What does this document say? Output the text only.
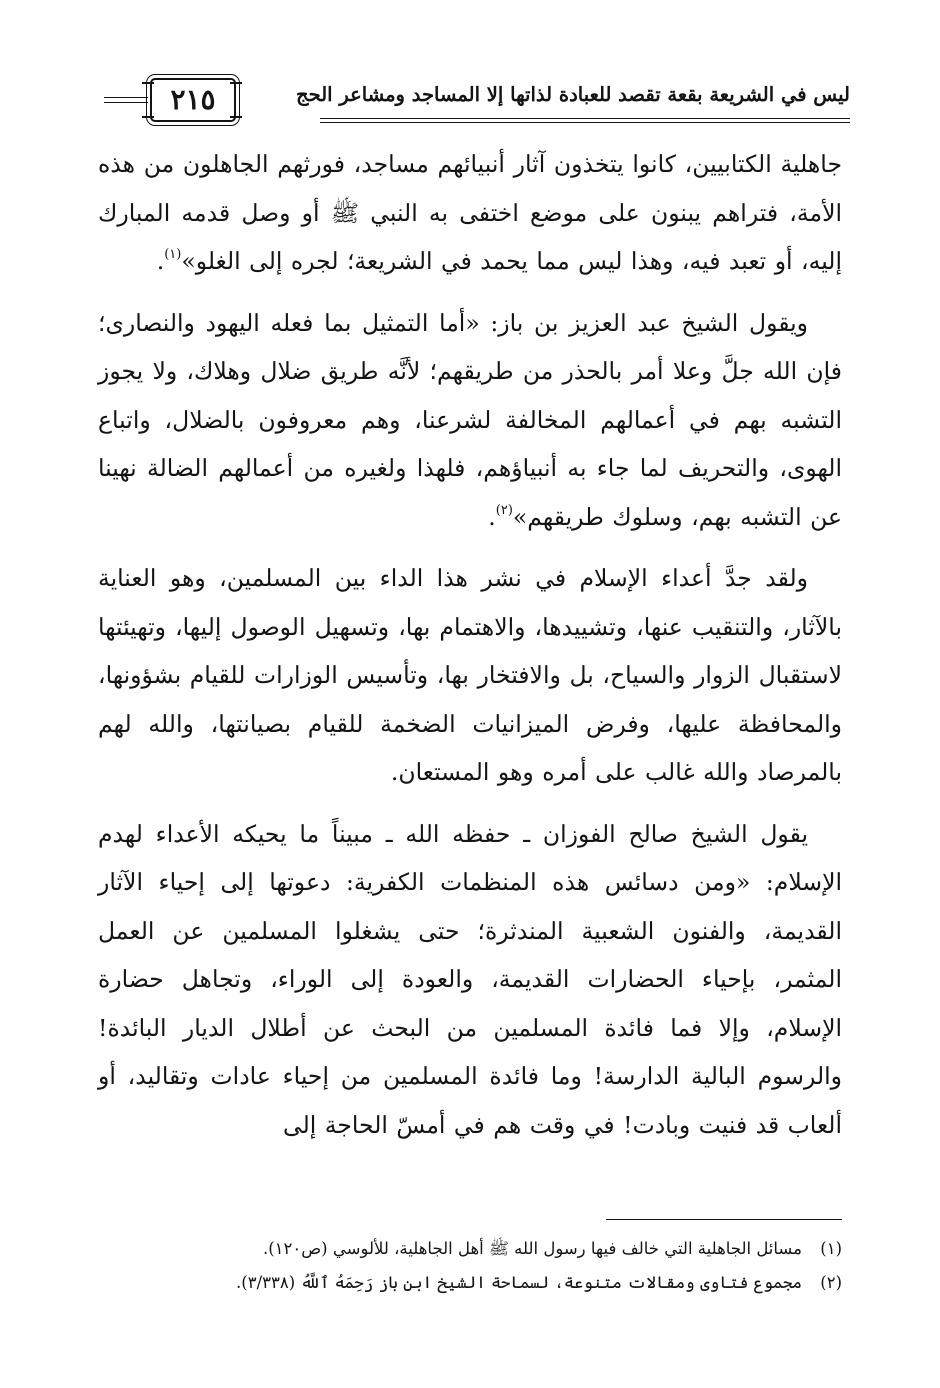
ليس في الشريعة بقعة تقصد للعبادة لذاتها إلا المساجد ومشاعر الحج
٢١٥

جاهلية الكتابيين، كانوا يتخذون آثار أنبيائهم مساجد، فورثهم الجاهلون من هذه الأمة، فتراهم يبنون على موضع اختفى به النبي ﷺ أو وصل قدمه المبارك إليه، أو تعبد فيه، وهذا ليس مما يحمد في الشريعة؛ لجره إلى الغلو»$^{(١)}$.

ويقول الشيخ عبد العزيز بن باز: «أما التمثيل بما فعله اليهود والنصارى؛ فإن الله جلَّ وعلا أمر بالحذر من طريقهم؛ لأنَّه طريق ضلال وهلاك، ولا يجوز التشبه بهم في أعمالهم المخالفة لشرعنا، وهم معروفون بالضلال، واتباع الهوى، والتحريف لما جاء به أنبياؤهم، فلهذا ولغيره من أعمالهم الضالة نهينا عن التشبه بهم، وسلوك طريقهم»$^{(٢)}$.

ولقد جدَّ أعداء الإسلام في نشر هذا الداء بين المسلمين، وهو العناية بالآثار، والتنقيب عنها، وتشييدها، والاهتمام بها، وتسهيل الوصول إليها، وتهيئتها لاستقبال الزوار والسياح، بل والافتخار بها، وتأسيس الوزارات للقيام بشؤونها، والمحافظة عليها، وفرض الميزانيات الضخمة للقيام بصيانتها، والله لهم بالمرصاد والله غالب على أمره وهو المستعان.

يقول الشيخ صالح الفوزان ـ حفظه الله ـ مبيناً ما يحيكه الأعداء لهدم الإسلام: «ومن دسائس هذه المنظمات الكفرية: دعوتها إلى إحياء الآثار القديمة، والفنون الشعبية المندثرة؛ حتى يشغلوا المسلمين عن العمل المثمر، بإحياء الحضارات القديمة، والعودة إلى الوراء، وتجاهل حضارة الإسلام، وإلا فما فائدة المسلمين من البحث عن أطلال الديار البائدة! والرسوم البالية الدارسة! وما فائدة المسلمين من إحياء عادات وتقاليد، أو ألعاب قد فنيت وبادت! في وقت هم في أمسّ الحاجة إلى

(١)مسائل الجاهلية التي خالف فيها رسول الله ﷺ أهل الجاهلية، للألوسي (ص١٢٠).
(٢)مجموع فتاوى ومقالات متنوعة، لسماحة الشيخ ابن باز رَحِمَهُ ٱللَّهُ (٣/٣٣٨).
